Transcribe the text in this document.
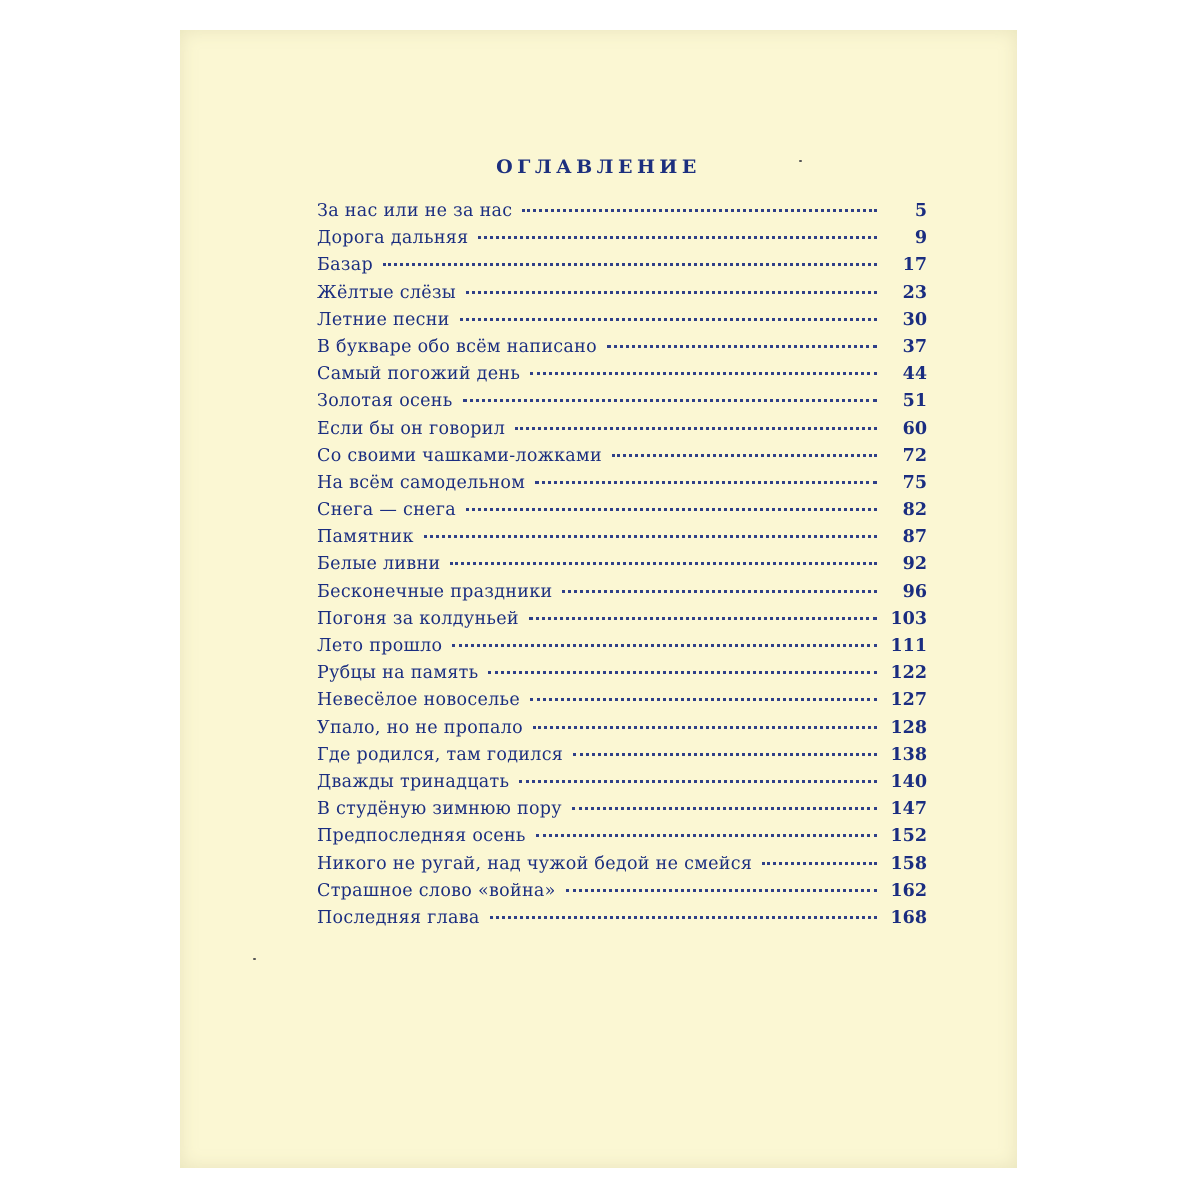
ОГЛАВЛЕНИЕ
За нас или не за нас	5
Дорога дальняя	9
Базар	17
Жёлтые слёзы	23
Летние песни	30
В букваре обо всём написано	37
Самый погожий день	44
Золотая осень	51
Если бы он говорил	60
Со своими чашками-ложками	72
На всём самодельном	75
Снега — снега	82
Памятник	87
Белые ливни	92
Бесконечные праздники	96
Погоня за колдуньей	103
Лето прошло	111
Рубцы на память	122
Невесёлое новоселье	127
Упало, но не пропало	128
Где родился, там годился	138
Дважды тринадцать	140
В студёную зимнюю пору	147
Предпоследняя осень	152
Никого не ругай, над чужой бедой не смейся	158
Страшное слово «война»	162
Последняя глава	168
